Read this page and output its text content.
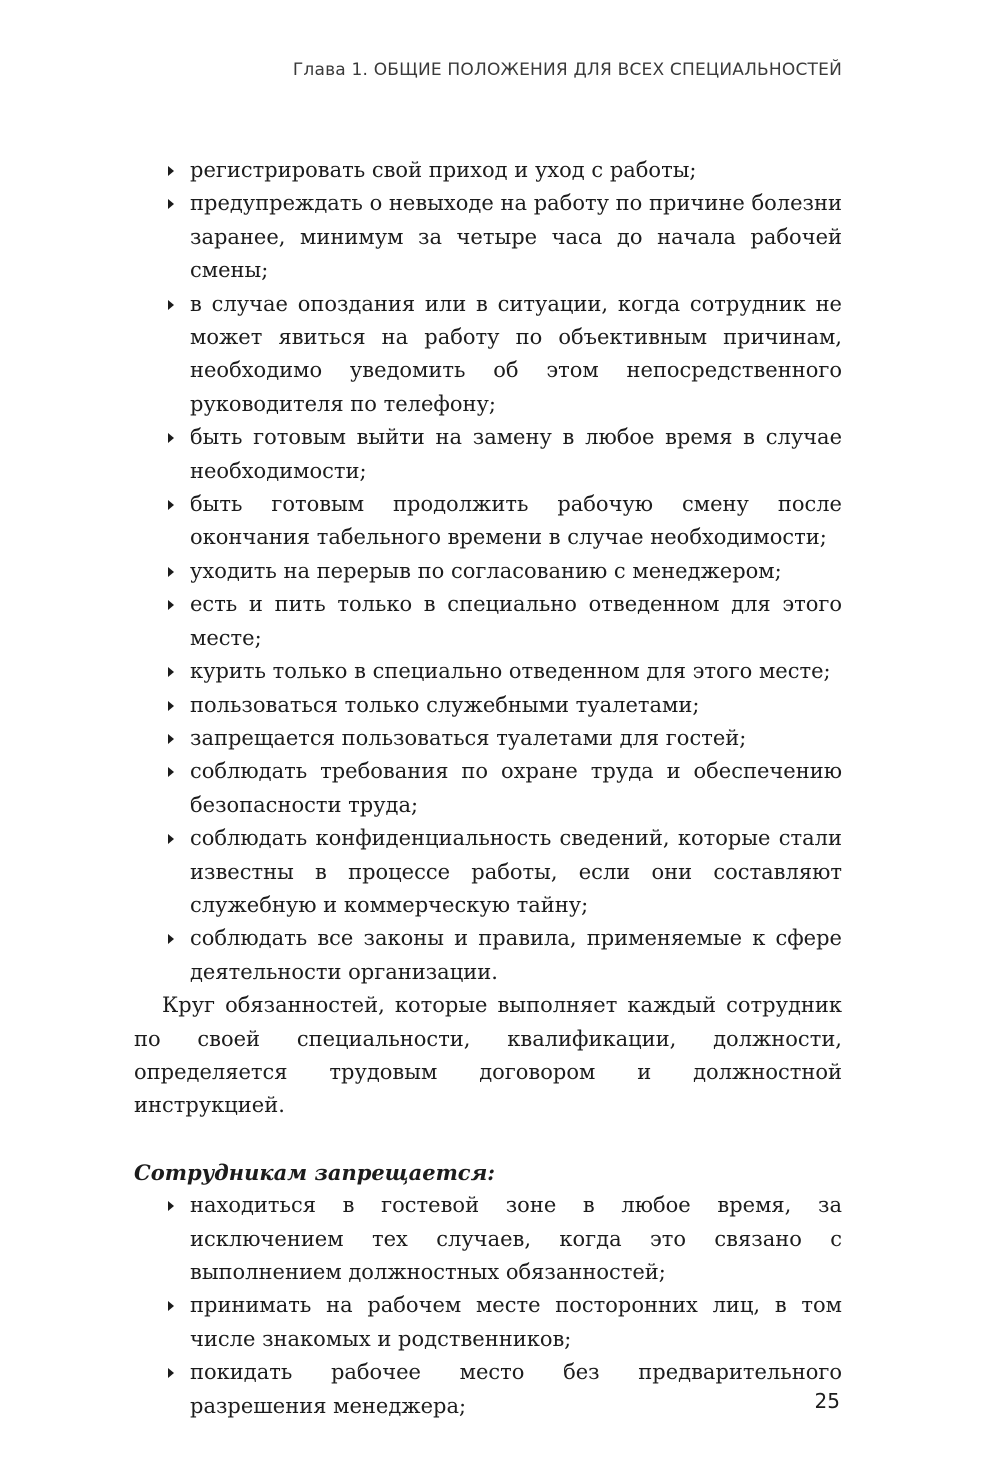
Глава 1. ОБЩИЕ ПОЛОЖЕНИЯ ДЛЯ ВСЕХ СПЕЦИАЛЬНОСТЕЙ
регистрировать свой приход и уход с работы;
предупреждать о невыходе на работу по причине болезни заранее, минимум за четыре часа до начала рабочей смены;
в случае опоздания или в ситуации, когда сотрудник не может явиться на работу по объективным причинам, необходимо уведомить об этом непосредственного руководителя по телефону;
быть готовым выйти на замену в любое время в случае необходимости;
быть готовым продолжить рабочую смену после окончания табельного времени в случае необходимости;
уходить на перерыв по согласованию с менеджером;
есть и пить только в специально отведенном для этого месте;
курить только в специально отведенном для этого месте;
пользоваться только служебными туалетами;
запрещается пользоваться туалетами для гостей;
соблюдать требования по охране труда и обеспечению безопасности труда;
соблюдать конфиденциальность сведений, которые стали известны в процессе работы, если они составляют служебную и коммерческую тайну;
соблюдать все законы и правила, применяемые к сфере деятельности организации.

Круг обязанностей, которые выполняет каждый сотрудник по своей специальности, квалификации, должности, определяется трудовым договором и должностной инструкцией.

Сотрудникам запрещается:
находиться в гостевой зоне в любое время, за исключением тех случаев, когда это связано с выполнением должностных обязанностей;
принимать на рабочем месте посторонних лиц, в том числе знакомых и родственников;
покидать рабочее место без предварительного разрешения менеджера;	25
